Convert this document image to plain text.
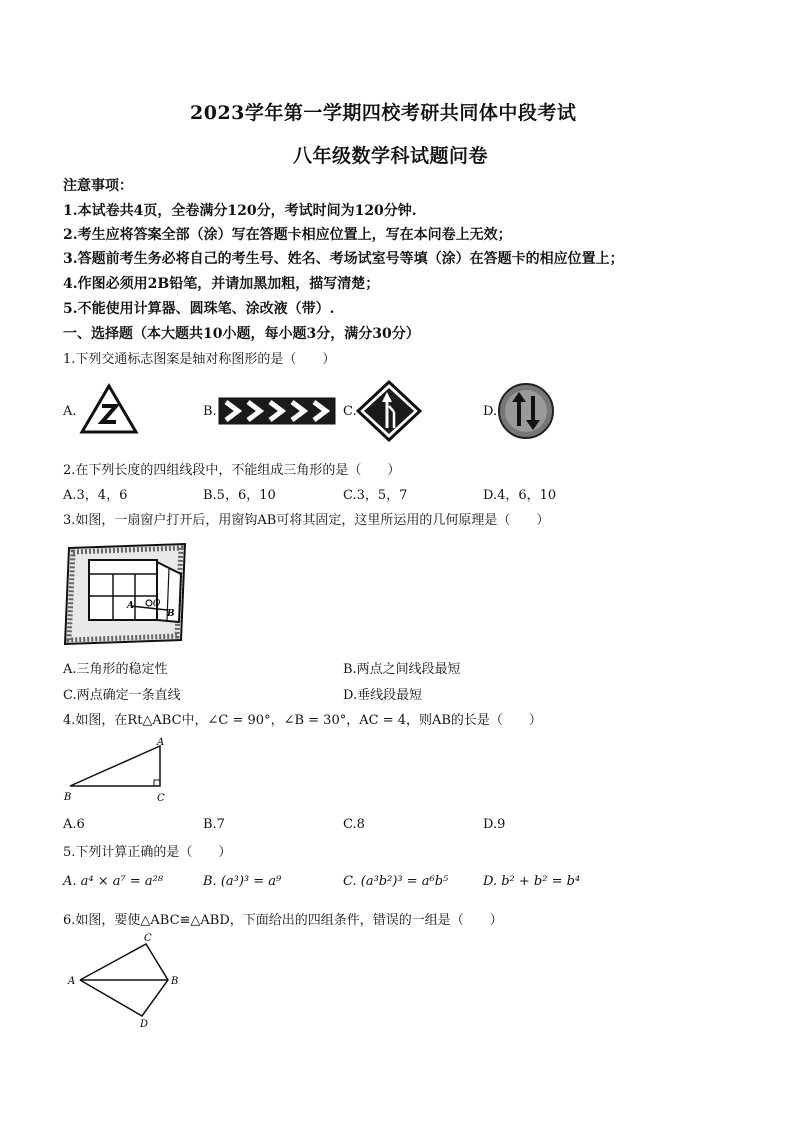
2023学年第一学期四校考研共同体中段考试
八年级数学科试题问卷
注意事项：
1.本试卷共4页，全卷满分120分，考试时间为120分钟.
2.考生应将答案全部（涂）写在答题卡相应位置上，写在本问卷上无效；
3.答题前考生务必将自己的考生号、姓名、考场试室号等填（涂）在答题卡的相应位置上；
4.作图必须用2B铅笔，并请加黑加粗，描写清楚；
5.不能使用计算器、圆珠笔、涂改液（带）.
一、选择题（本大题共10小题，每小题3分，满分30分）
1.下列交通标志图案是轴对称图形的是（　　）
A.	B.	C.	D.
2.在下列长度的四组线段中，不能组成三角形的是（　　）
A.3，4，6	B.5，6，10	C.3，5，7	D.4，6，10
3.如图，一扇窗户打开后，用窗钩AB可将其固定，这里所运用的几何原理是（　　）
A O
B
A.三角形的稳定性	B.两点之间线段最短
C.两点确定一条直线	D.垂线段最短
4.如图，在Rt△ABC中，∠C = 90°，∠B = 30°，AC = 4，则AB的长是（　　）
A
B	C
A.6	B.7	C.8	D.9
5.下列计算正确的是（　　）
A. a⁴ × a⁷ = a²⁸	B. (a³)³ = a⁹	C. (a³b²)³ = a⁶b⁵	D. b² + b² = b⁴
6.如图，要使△ABC≌△ABD，下面给出的四组条件，错误的一组是（　　）
C
A	B
D
